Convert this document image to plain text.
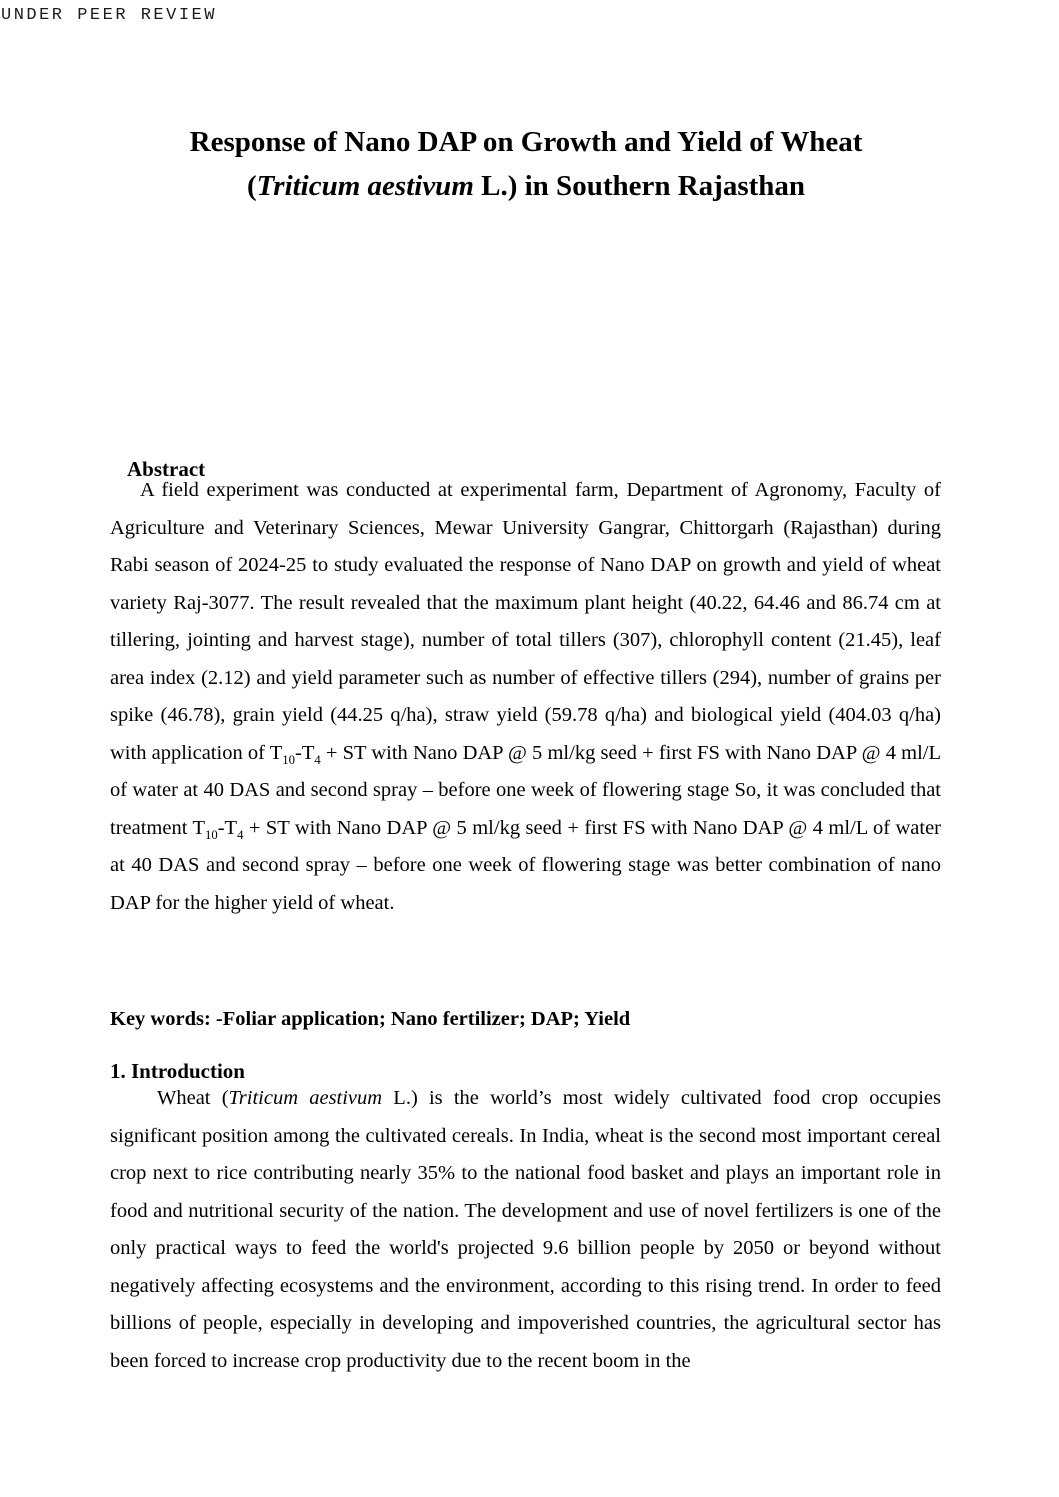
UNDER PEER REVIEW
Response of Nano DAP on Growth and Yield of Wheat
(Triticum aestivum L.) in Southern Rajasthan
Abstract

A field experiment was conducted at experimental farm, Department of Agronomy, Faculty of Agriculture and Veterinary Sciences, Mewar University Gangrar, Chittorgarh (Rajasthan) during Rabi season of 2024-25 to study evaluated the response of Nano DAP on growth and yield of wheat variety Raj-3077. The result revealed that the maximum plant height (40.22, 64.46 and 86.74 cm at tillering, jointing and harvest stage), number of total tillers (307), chlorophyll content (21.45), leaf area index (2.12) and yield parameter such as number of effective tillers (294), number of grains per spike (46.78), grain yield (44.25 q/ha), straw yield (59.78 q/ha) and biological yield (404.03 q/ha) with application of $T_{10}-T_4$ + ST with Nano DAP @ 5 ml/kg seed + first FS with Nano DAP @ 4 ml/L of water at 40 DAS and second spray – before one week of flowering stage So, it was concluded that treatment $T_{10}-T_4$ + ST with Nano DAP @ 5 ml/kg seed + first FS with Nano DAP @ 4 ml/L of water at 40 DAS and second spray – before one week of flowering stage was better combination of nano DAP for the higher yield of wheat.

Key words: -Foliar application; Nano fertilizer; DAP; Yield
1. Introduction

Wheat (Triticum aestivum L.) is the world’s most widely cultivated food crop occupies significant position among the cultivated cereals. In India, wheat is the second most important cereal crop next to rice contributing nearly 35% to the national food basket and plays an important role in food and nutritional security of the nation. The development and use of novel fertilizers is one of the only practical ways to feed the world's projected 9.6 billion people by 2050 or beyond without negatively affecting ecosystems and the environment, according to this rising trend. In order to feed billions of people, especially in developing and impoverished countries, the agricultural sector has been forced to increase crop productivity due to the recent boom in the
